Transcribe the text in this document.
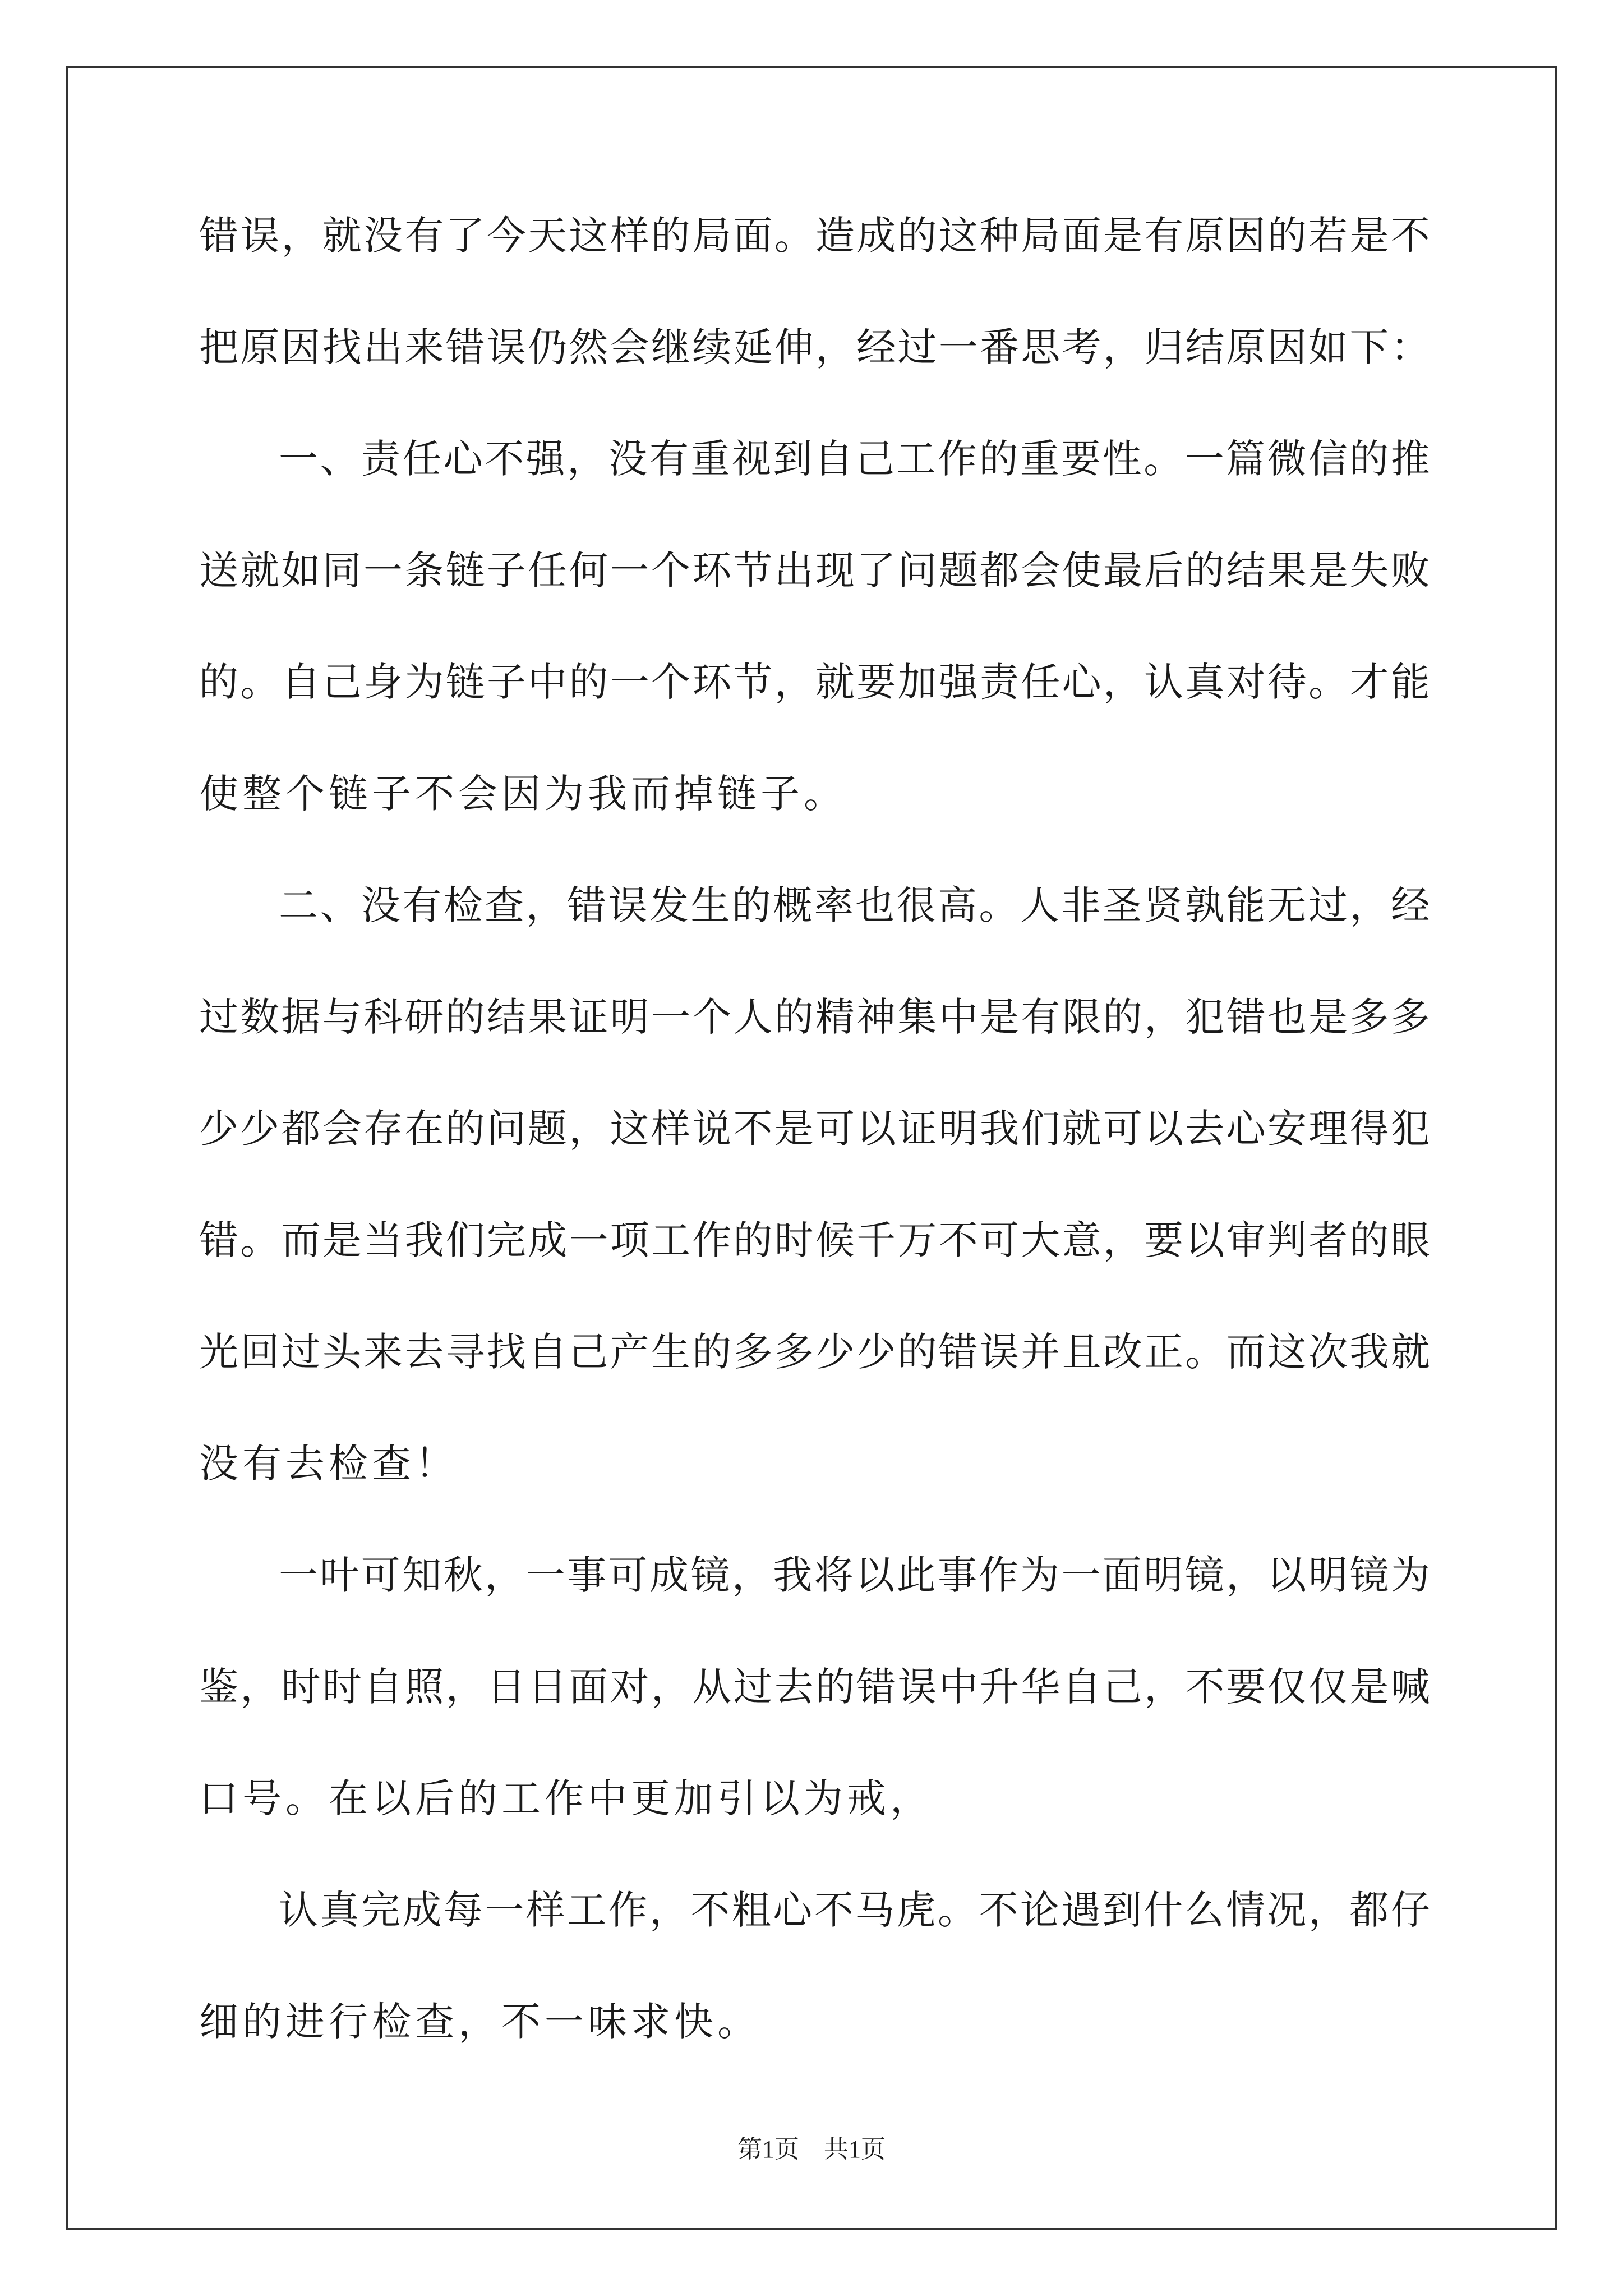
错 误 ， 就 没 有 了 今 天 这 样 的 局 面 。 造 成 的 这 种 局 面 是 有 原 因 的 若 是 不
把 原 因 找 出 来 错 误 仍 然 会 继 续 延 伸 ， 经 过 一 番 思 考 ， 归 结 原 因 如 下 ：
一 、 责 任 心 不 强 ， 没 有 重 视 到 自 己 工 作 的 重 要 性 。 一 篇 微 信 的 推
送 就 如 同 一 条 链 子 任 何 一 个 环 节 出 现 了 问 题 都 会 使 最 后 的 结 果 是 失 败
的 。 自 己 身 为 链 子 中 的 一 个 环 节 ， 就 要 加 强 责 任 心 ， 认 真 对 待 。 才 能
使整个链子不会因为我而掉链子。
二 、 没 有 检 查 ， 错 误 发 生 的 概 率 也 很 高 。 人 非 圣 贤 孰 能 无 过 ， 经
过 数 据 与 科 研 的 结 果 证 明 一 个 人 的 精 神 集 中 是 有 限 的 ， 犯 错 也 是 多 多
少 少 都 会 存 在 的 问 题 ， 这 样 说 不 是 可 以 证 明 我 们 就 可 以 去 心 安 理 得 犯
错 。 而 是 当 我 们 完 成 一 项 工 作 的 时 候 千 万 不 可 大 意 ， 要 以 审 判 者 的 眼
光 回 过 头 来 去 寻 找 自 己 产 生 的 多 多 少 少 的 错 误 并 且 改 正 。 而 这 次 我 就
没有去检查！
一 叶 可 知 秋 ， 一 事 可 成 镜 ， 我 将 以 此 事 作 为 一 面 明 镜 ， 以 明 镜 为
鉴 ， 时 时 自 照 ， 日 日 面 对 ， 从 过 去 的 错 误 中 升 华 自 己 ， 不 要 仅 仅 是 喊
口号。在以后的工作中更加引以为戒，
认 真 完 成 每 一 样 工 作 ， 不 粗 心 不 马 虎 。 不 论 遇 到 什 么 情 况 ， 都 仔
细的进行检查，不一味求快。
第1页　共1页
